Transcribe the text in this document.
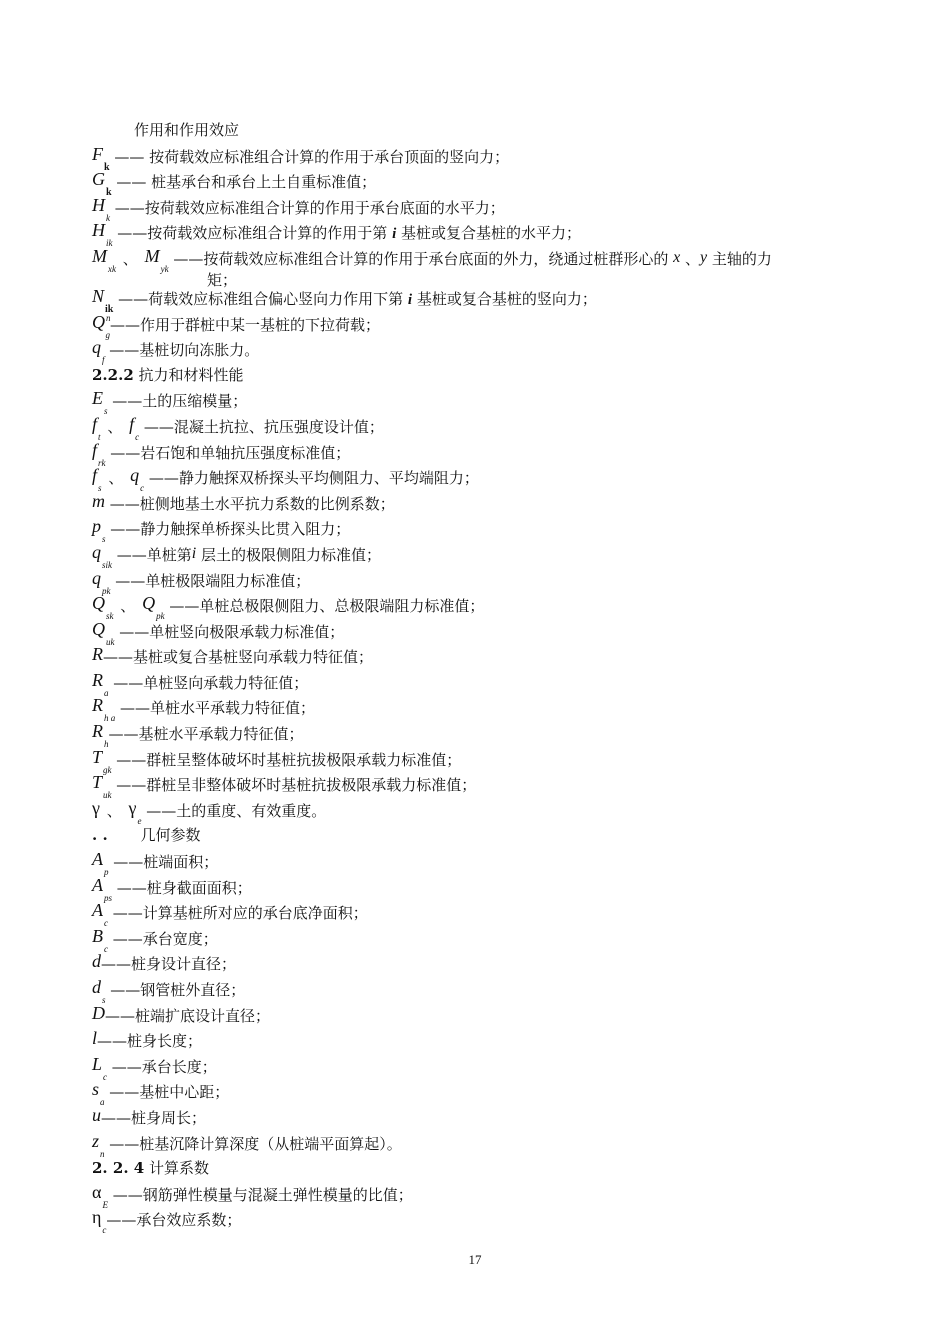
作用和作用效应
$F_k$ —— 按荷载效应标准组合计算的作用于承台顶面的竖向力；
$G_k$ —— 桩基承台和承台上土自重标准值；
$H_k$ ——按荷载效应标准组合计算的作用于承台底面的水平力；
$H_{ik}$ ——按荷载效应标准组合计算的作用于第 i 基桩或复合基桩的水平力；
$M_{xk}$ 、 $M_{yk}$ ——按荷载效应标准组合计算的作用于承台底面的外力，绕通过桩群形心的 x 、y 主轴的力
矩；
$N_{ik}$ ——荷载效应标准组合偏心竖向力作用下第 i 基桩或复合基桩的竖向力；
$Q^n_g——$作用于群桩中某一基桩的下拉荷载；
$q_f$ ——基桩切向冻胀力。
2.2.2 抗力和材料性能
$E_s$ ——土的压缩模量；
$f_t$ 、 $f_c$ ——混凝土抗拉、抗压强度设计值；
$f_{rk}$ ——岩石饱和单轴抗压强度标准值；
$f_s$ 、 $q_c$ ——静力触探双桥探头平均侧阻力、平均端阻力；
m ——桩侧地基土水平抗力系数的比例系数；
$p_s$ ——静力触探单桥探头比贯入阻力；
$q_{sik}$ ——单桩第i 层土的极限侧阻力标准值；
$q_{pk}$ ——单桩极限端阻力标准值；
$Q_{sk}$ 、 $Q_{pk}$ ——单桩总极限侧阻力、总极限端阻力标准值；
$Q_{uk}$ ——单桩竖向极限承载力标准值；
R——基桩或复合基桩竖向承载力特征值；
$R_a$ ——单桩竖向承载力特征值；
$R_{h a}$ ——单桩水平承载力特征值；
$R_h——$基桩水平承载力特征值；
$T_{gk}$ ——群桩呈整体破坏时基桩抗拔极限承载力标准值；
$T_{uk}$ ——群桩呈非整体破坏时基桩抗拔极限承载力标准值；
γ 、 $\gamma_e$ ——土的重度、有效重度。
. . 几何参数
$A_p$ ——桩端面积；
$A_{ps}$ ——桩身截面面积；
$A_c$ ——计算基桩所对应的承台底净面积；
$B_c$ ——承台宽度；
d——桩身设计直径；
$d_s$ ——钢管桩外直径；
D——桩端扩底设计直径；
l——桩身长度；
$L_c$ ——承台长度；
$s_a$ ——基桩中心距；
u——桩身周长；
$z_n$ ——桩基沉降计算深度（从桩端平面算起）。
2. 2. 4 计算系数
$\alpha_E$ ——钢筋弹性模量与混凝土弹性模量的比值；
$\eta_c——$承台效应系数；
17
